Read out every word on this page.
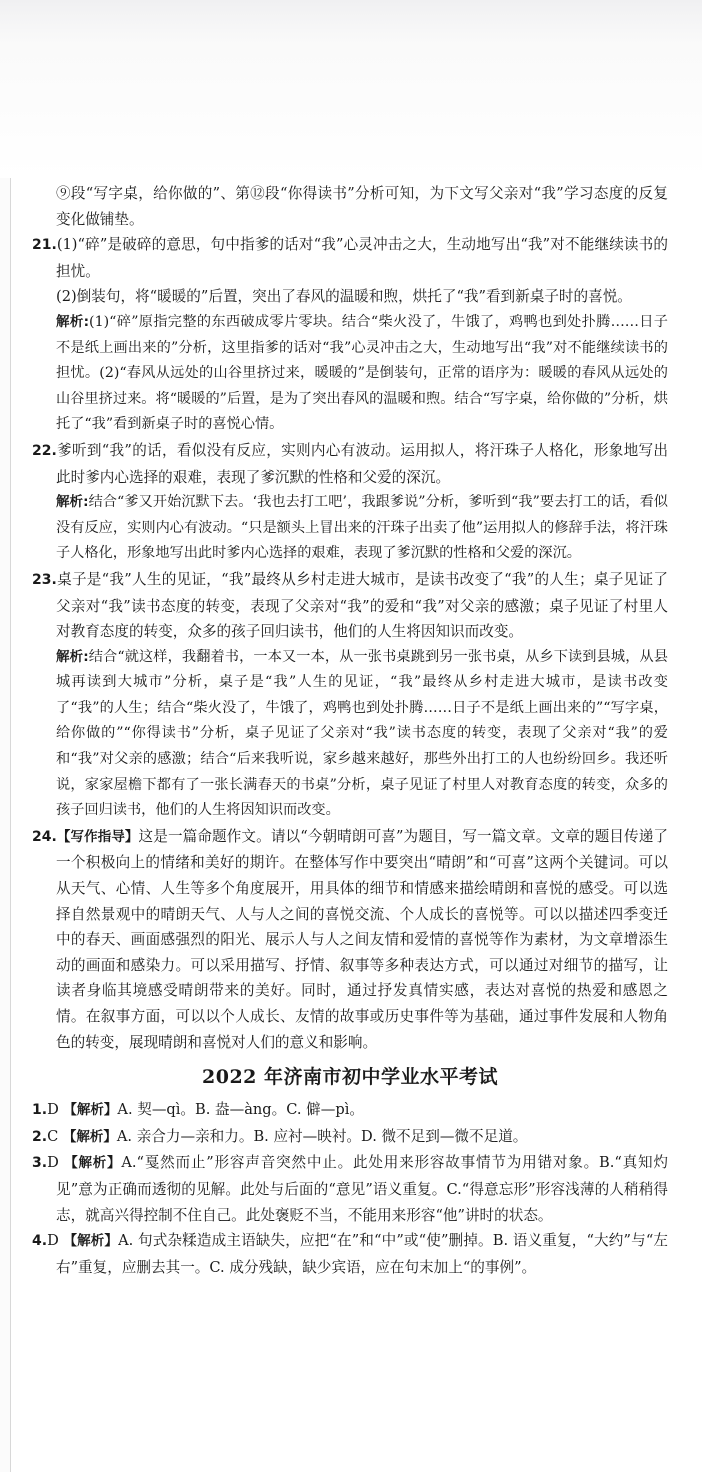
⑨段“写字桌，给你做的”、第⑫段“你得读书”分析可知，为下文写父亲对“我”学习态度的反复变化做铺垫。

21.(1)“碎”是破碎的意思，句中指爹的话对“我”心灵冲击之大，生动地写出“我”对不能继续读书的担忧。

(2)倒装句，将“暖暖的”后置，突出了春风的温暖和煦，烘托了“我”看到新桌子时的喜悦。

解析:(1)“碎”原指完整的东西破成零片零块。结合“柴火没了，牛饿了，鸡鸭也到处扑腾……日子不是纸上画出来的”分析，这里指爹的话对“我”心灵冲击之大，生动地写出“我”对不能继续读书的担忧。(2)“春风从远处的山谷里挤过来，暖暖的”是倒装句，正常的语序为：暖暖的春风从远处的山谷里挤过来。将“暖暖的”后置，是为了突出春风的温暖和煦。结合“写字桌，给你做的”分析，烘托了“我”看到新桌子时的喜悦心情。

22.爹听到“我”的话，看似没有反应，实则内心有波动。运用拟人，将汗珠子人格化，形象地写出此时爹内心选择的艰难，表现了爹沉默的性格和父爱的深沉。

解析:结合“爹又开始沉默下去。‘我也去打工吧’，我跟爹说”分析，爹听到“我”要去打工的话，看似没有反应，实则内心有波动。“只是额头上冒出来的汗珠子出卖了他”运用拟人的修辞手法，将汗珠子人格化，形象地写出此时爹内心选择的艰难，表现了爹沉默的性格和父爱的深沉。

23.桌子是“我”人生的见证，“我”最终从乡村走进大城市，是读书改变了“我”的人生；桌子见证了父亲对“我”读书态度的转变，表现了父亲对“我”的爱和“我”对父亲的感激；桌子见证了村里人对教育态度的转变，众多的孩子回归读书，他们的人生将因知识而改变。

解析:结合“就这样，我翻着书，一本又一本，从一张书桌跳到另一张书桌，从乡下读到县城，从县城再读到大城市”分析，桌子是“我”人生的见证，“我”最终从乡村走进大城市，是读书改变了“我”的人生；结合“柴火没了，牛饿了，鸡鸭也到处扑腾……日子不是纸上画出来的”“写字桌，给你做的”“你得读书”分析，桌子见证了父亲对“我”读书态度的转变，表现了父亲对“我”的爱和“我”对父亲的感激；结合“后来我听说，家乡越来越好，那些外出打工的人也纷纷回乡。我还听说，家家屋檐下都有了一张长满春天的书桌”分析，桌子见证了村里人对教育态度的转变，众多的孩子回归读书，他们的人生将因知识而改变。

24.【写作指导】这是一篇命题作文。请以“今朝晴朗可喜”为题目，写一篇文章。文章的题目传递了一个积极向上的情绪和美好的期许。在整体写作中要突出“晴朗”和“可喜”这两个关键词。可以从天气、心情、人生等多个角度展开，用具体的细节和情感来描绘晴朗和喜悦的感受。可以选择自然景观中的晴朗天气、人与人之间的喜悦交流、个人成长的喜悦等。可以以描述四季变迁中的春天、画面感强烈的阳光、展示人与人之间友情和爱情的喜悦等作为素材，为文章增添生动的画面和感染力。可以采用描写、抒情、叙事等多种表达方式，可以通过对细节的描写，让读者身临其境感受晴朗带来的美好。同时，通过抒发真情实感，表达对喜悦的热爱和感恩之情。在叙事方面，可以以个人成长、友情的故事或历史事件等为基础，通过事件发展和人物角色的转变，展现晴朗和喜悦对人们的意义和影响。

2022 年济南市初中学业水平考试

1.D 【解析】A. 契—qì。B. 盎—àng。C. 僻—pì。

2.C 【解析】A. 亲合力—亲和力。B. 应衬—映衬。D. 微不足到—微不足道。

3.D 【解析】A.“戛然而止”形容声音突然中止。此处用来形容故事情节为用错对象。B.“真知灼见”意为正确而透彻的见解。此处与后面的“意见”语义重复。C.“得意忘形”形容浅薄的人稍稍得志，就高兴得控制不住自己。此处褒贬不当，不能用来形容“他”讲时的状态。

4.D 【解析】A. 句式杂糅造成主语缺失，应把“在”和“中”或“使”删掉。B. 语义重复，“大约”与“左右”重复，应删去其一。C. 成分残缺，缺少宾语，应在句末加上“的事例”。
